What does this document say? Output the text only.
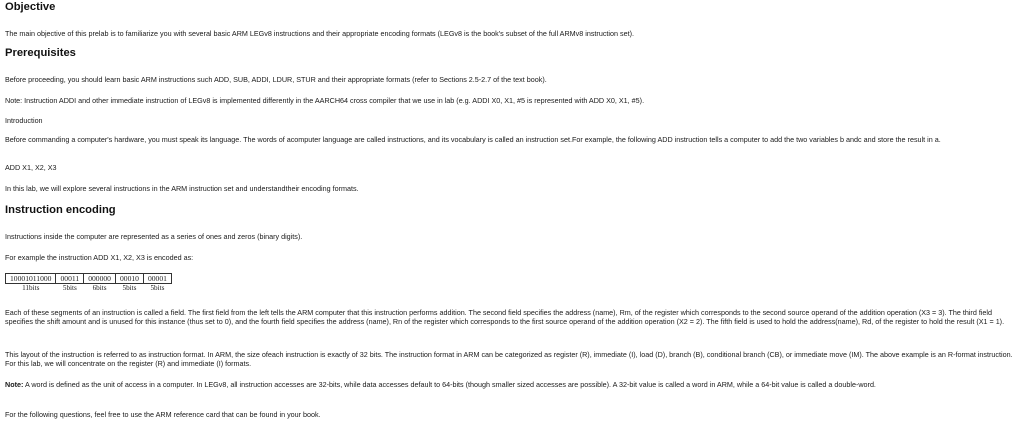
Objective
The main objective of this prelab is to familiarize you with several basic ARM LEGv8 instructions and their appropriate encoding formats (LEGv8 is the book's subset of the full ARMv8 instruction set).
Prerequisites
Before proceeding, you should learn basic ARM instructions such ADD, SUB, ADDI, LDUR, STUR and their appropriate formats (refer to Sections 2.5-2.7 of the text book).
Note: Instruction ADDI and other immediate instruction of LEGv8 is implemented differently in the AARCH64 cross compiler that we use in lab (e.g. ADDI X0, X1, #5 is represented with ADD X0, X1, #5).
Introduction
Before commanding a computer's hardware, you must speak its language. The words of acomputer language are called instructions, and its vocabulary is called an instruction set.For example, the following ADD instruction tells a computer to add the two variables b andc and store the result in a.
ADD X1, X2, X3
In this lab, we will explore several instructions in the ARM instruction set and understandtheir encoding formats.
Instruction encoding
Instructions inside the computer are represented as a series of ones and zeros (binary digits).
For example the instruction ADD X1, X2, X3 is encoded as:
10001011000	00011	000000	00010	00001
11bits	5bits	6bits	5bits	5bits
Each of these segments of an instruction is called a field. The first field from the left tells the ARM computer that this instruction performs addition. The second field specifies the address (name), Rm, of the register which corresponds to the second source operand of the addition operation (X3 = 3). The third field specifies the shift amount and is unused for this instance (thus set to 0), and the fourth field specifies the address (name), Rn of the register which corresponds to the first source operand of the addition operation (X2 = 2). The fifth field is used to hold the address(name), Rd, of the register to hold the result (X1 = 1).
This layout of the instruction is referred to as instruction format. In ARM, the size ofeach instruction is exactly of 32 bits. The instruction format in ARM can be categorized as register (R), immediate (I), load (D), branch (B), conditional branch (CB), or immediate move (IM). The above example is an R-format instruction. For this lab, we will concentrate on the register (R) and immediate (I) formats.
Note: A word is defined as the unit of access in a computer. In LEGv8, all instruction accesses are 32-bits, while data accesses default to 64-bits (though smaller sized accesses are possible). A 32-bit value is called a word in ARM, while a 64-bit value is called a double-word.
For the following questions, feel free to use the ARM reference card that can be found in your book.
